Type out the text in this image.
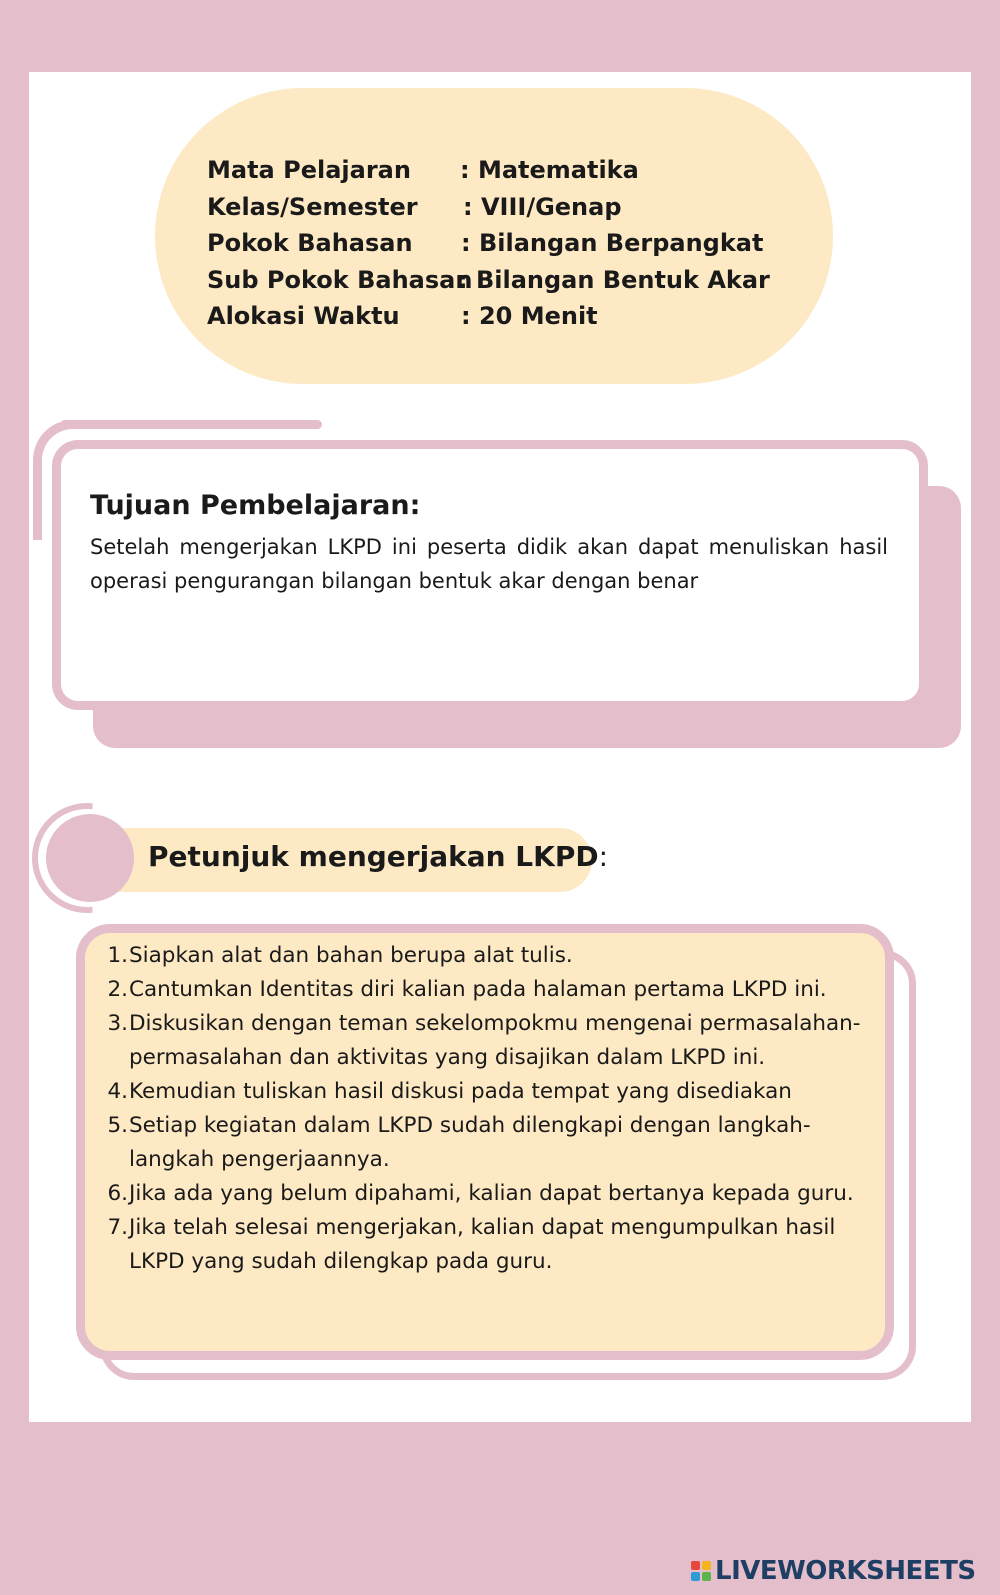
Mata Pelajaran : Matematika
Kelas/Semester : VIII/Genap
Pokok Bahasan : Bilangan Berpangkat
Sub Pokok Bahasan
: Bilangan Bentuk Akar
Alokasi Waktu	: 20 Menit
Tujuan Pembelajaran:
Setelah mengerjakan LKPD ini peserta didik akan dapat menuliskan hasil operasi pengurangan bilangan bentuk akar dengan benar
Petunjuk mengerjakan LKPD:
1. Siapkan alat dan bahan berupa alat tulis.
2. Cantumkan Identitas diri kalian pada halaman pertama LKPD ini.
3. Diskusikan dengan teman sekelompokmu mengenai permasalahan-permasalahan dan aktivitas yang disajikan dalam LKPD ini.
4. Kemudian tuliskan hasil diskusi pada tempat yang disediakan
5. Setiap kegiatan dalam LKPD sudah dilengkapi dengan langkah-langkah pengerjaannya.
6. Jika ada yang belum dipahami, kalian dapat bertanya kepada guru.
7. Jika telah selesai mengerjakan, kalian dapat mengumpulkan hasil LKPD yang sudah dilengkap pada guru.
LIVEWORKSHEETS
